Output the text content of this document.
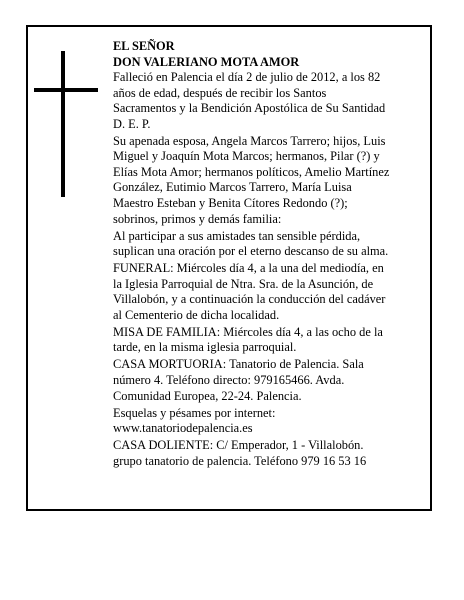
EL SEÑOR
DON VALERIANO MOTA AMOR
Falleció en Palencia el día 2 de julio de 2012, a los 82
años de edad, después de recibir los Santos
Sacramentos y la Bendición Apostólica de Su Santidad
D. E. P.
Su apenada esposa, Angela Marcos Tarrero; hijos, Luis
Miguel y Joaquín Mota Marcos; hermanos, Pilar (?) y
Elías Mota Amor; hermanos políticos, Amelio Martínez
González, Eutimio Marcos Tarrero, María Luisa
Maestro Esteban y Benita Cítores Redondo (?);
sobrinos, primos y demás familia:
Al participar a sus amistades tan sensible pérdida,
suplican una oración por el eterno descanso de su alma.
FUNERAL: Miércoles día 4, a la una del mediodía, en
la Iglesia Parroquial de Ntra. Sra. de la Asunción, de
Villalobón, y a continuación la conducción del cadáver
al Cementerio de dicha localidad.
MISA DE FAMILIA: Miércoles día 4, a las ocho de la
tarde, en la misma iglesia parroquial.
CASA MORTUORIA: Tanatorio de Palencia. Sala
número 4. Teléfono directo: 979165466. Avda.
Comunidad Europea, 22-24. Palencia.
Esquelas y pésames por internet:
www.tanatoriodepalencia.es
CASA DOLIENTE: C/ Emperador, 1 - Villalobón.
grupo tanatorio de palencia. Teléfono 979 16 53 16
